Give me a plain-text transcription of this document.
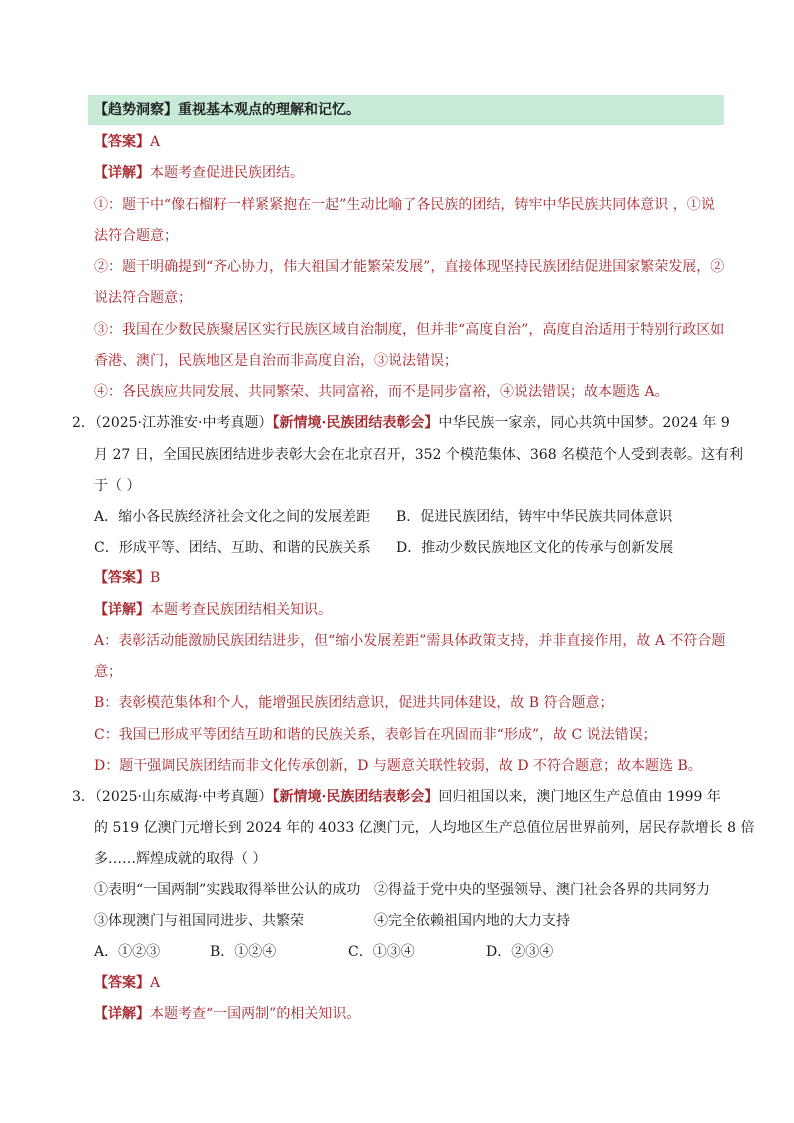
【趋势洞察】重视基本观点的理解和记忆。
【答案】A
【详解】本题考查促进民族团结。
①：题干中“像石榴籽一样紧紧抱在一起”生动比喻了各民族的团结，铸牢中华民族共同体意识 ，①说
法符合题意；
②：题干明确提到“齐心协力，伟大祖国才能繁荣发展”，直接体现坚持民族团结促进国家繁荣发展，②
说法符合题意；
③：我国在少数民族聚居区实行民族区域自治制度，但并非“高度自治”，高度自治适用于特别行政区如
香港、澳门，民族地区是自治而非高度自治，③说法错误；
④：各民族应共同发展、共同繁荣、共同富裕，而不是同步富裕，④说法错误；故本题选 A。
2．（2025·江苏淮安·中考真题）【新情境·民族团结表彰会】中华民族一家亲，同心共筑中国梦。2024 年 9
月 27 日，全国民族团结进步表彰大会在北京召开，352 个模范集体、368 名模范个人受到表彰。这有利
于（ ）
A．缩小各民族经济社会文化之间的发展差距 B．促进民族团结，铸牢中华民族共同体意识
C．形成平等、团结、互助、和谐的民族关系 D．推动少数民族地区文化的传承与创新发展
【答案】B
【详解】本题考查民族团结相关知识。
A：表彰活动能激励民族团结进步，但“缩小发展差距”需具体政策支持，并非直接作用，故 A 不符合题
意；
B：表彰模范集体和个人，能增强民族团结意识，促进共同体建设，故 B 符合题意；
C：我国已形成平等团结互助和谐的民族关系，表彰旨在巩固而非“形成”，故 C 说法错误；
D：题干强调民族团结而非文化传承创新，D 与题意关联性较弱，故 D 不符合题意；故本题选 B。
3．（2025·山东威海·中考真题）【新情境·民族团结表彰会】回归祖国以来，澳门地区生产总值由 1999 年
的 519 亿澳门元增长到 2024 年的 4033 亿澳门元，人均地区生产总值位居世界前列，居民存款增长 8 倍
多……辉煌成就的取得（ ）
①表明“一国两制”实践取得举世公认的成功 ②得益于党中央的坚强领导、澳门社会各界的共同努力
③体现澳门与祖国同进步、共繁荣	④完全依赖祖国内地的大力支持
A．①②③	B．①②④	C．①③④	D．②③④
【答案】A
【详解】本题考查“一国两制”的相关知识。
